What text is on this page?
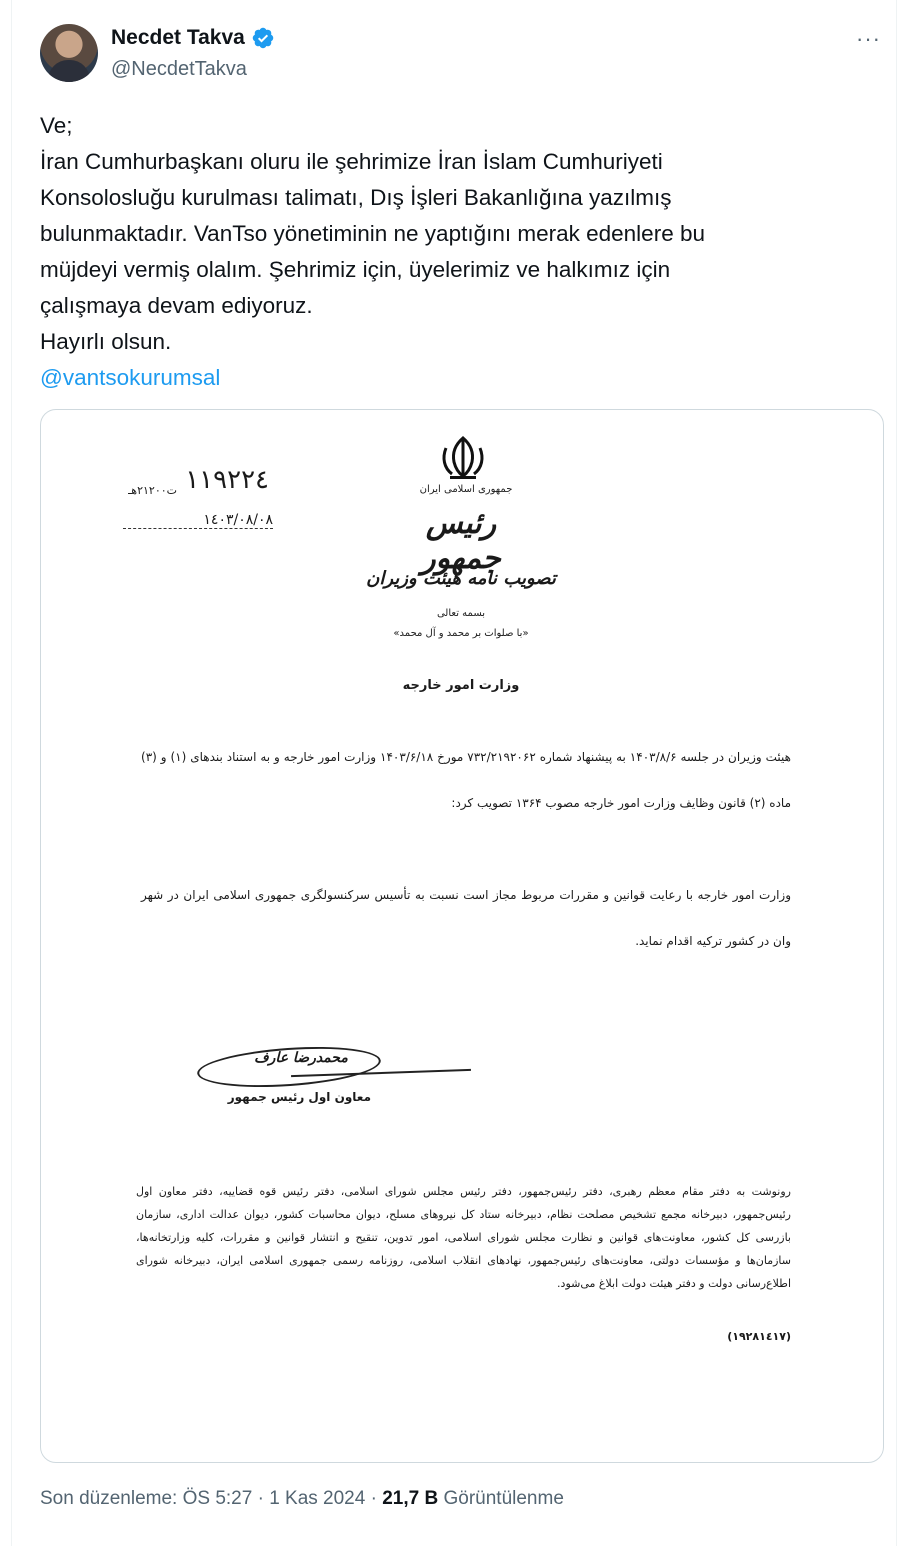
Necdet Takva
@NecdetTakva
···

Ve;

İran Cumhurbaşkanı oluru ile şehrimize İran İslam Cumhuriyeti

Konsolosluğu kurulması talimatı, Dış İşleri Bakanlığına yazılmış

bulunmaktadır. VanTso yönetiminin ne yaptığını merak edenlere bu

müjdeyi vermiş olalım. Şehrimiz için, üyelerimiz ve halkımız için

çalışmaya devam ediyoruz.

Hayırlı olsun.

@vantsokurumsal

جمهوری اسلامی ایران
رئیس جمهور
تصویب نامه هیئت وزیران
بسمه تعالی
«با صلوات بر محمد و آل محمد»
١١٩٢٢٤
ت٢١٢٠٠هـ
١٤٠٣/٠٨/٠٨
وزارت امور خارجه
هیئت وزیران در جلسه ۱۴۰۳/۸/۶ به پیشنهاد شماره ۷۳۲/۲۱۹۲۰۶۲ مورخ ۱۴۰۳/۶/۱۸ وزارت امور خارجه و به استناد بندهای (۱) و (۳) ماده (۲) قانون وظایف وزارت امور خارجه مصوب ۱۳۶۴ تصویب کرد:
وزارت امور خارجه با رعایت قوانین و مقررات مربوط مجاز است نسبت به تأسیس سرکنسولگری جمهوری اسلامی ایران در شهر وان در کشور ترکیه اقدام نماید.
محمدرضا عارف
معاون اول رئیس جمهور
رونوشت به دفتر مقام معظم رهبری، دفتر رئیس‌جمهور، دفتر رئیس مجلس شورای اسلامی، دفتر رئیس قوه قضاییه، دفتر معاون اول رئیس‌جمهور، دبیرخانه مجمع تشخیص مصلحت نظام، دبیرخانه ستاد کل نیروهای مسلح، دیوان محاسبات کشور، دیوان عدالت اداری، سازمان بازرسی کل کشور، معاونت‌های قوانین و نظارت مجلس شورای اسلامی، امور تدوین، تنقیح و انتشار قوانین و مقررات، کلیه وزارتخانه‌ها، سازمان‌ها و مؤسسات دولتی، معاونت‌های رئیس‌جمهور، نهادهای انقلاب اسلامی، روزنامه رسمی جمهوری اسلامی ایران، دبیرخانه شورای اطلاع‌رسانی دولت و دفتر هیئت دولت ابلاغ می‌شود.
(١٩٢٨١٤١٧)
Son düzenleme: ÖS 5:27 · 1 Kas 2024 · 21,7 B Görüntülenme
